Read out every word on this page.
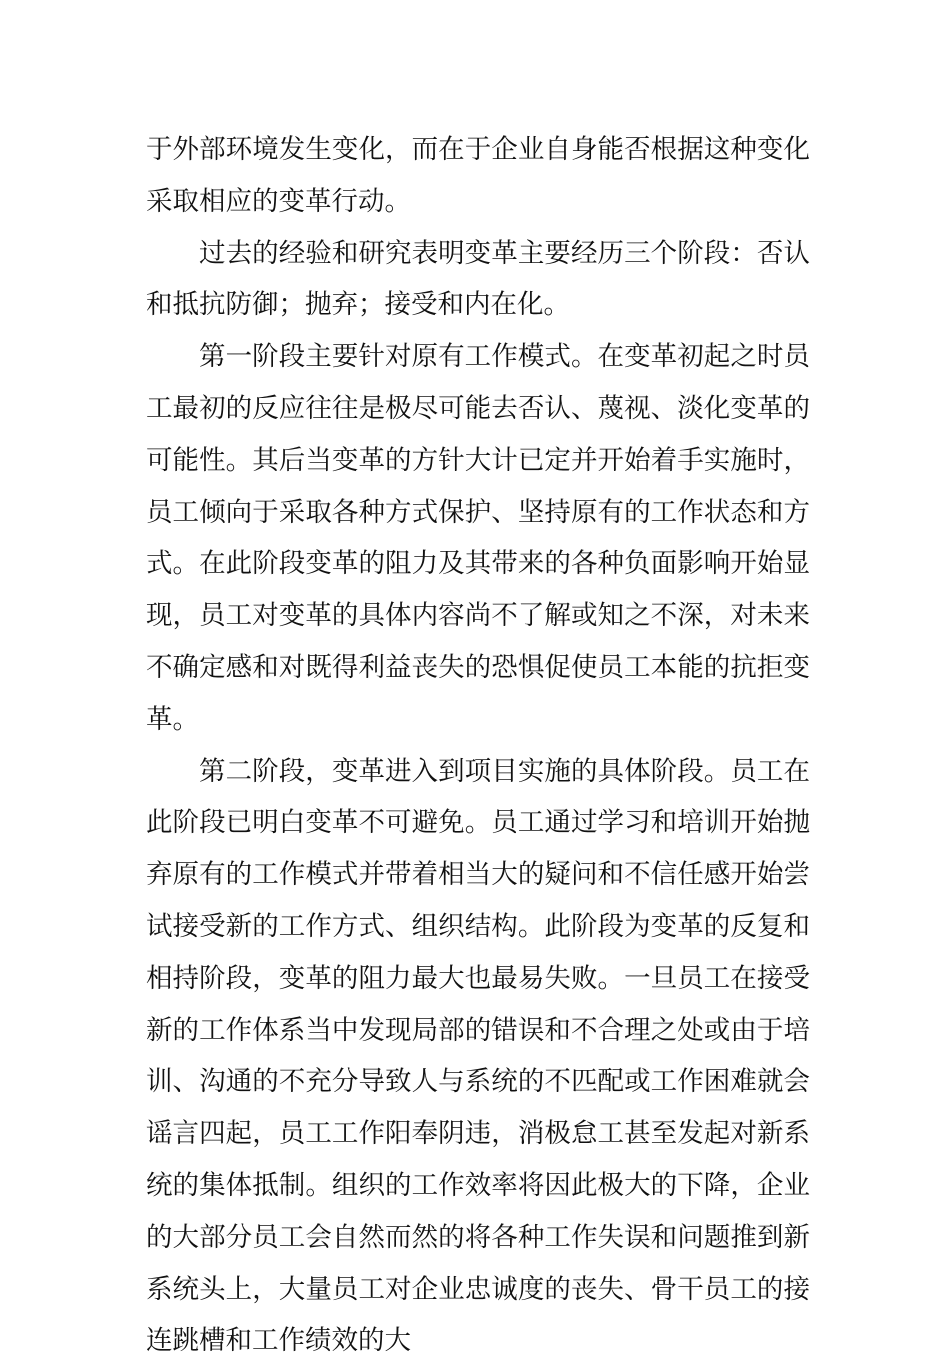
于外部环境发生变化，而在于企业自身能否根据这种变化采取相应的变革行动。

过去的经验和研究表明变革主要经历三个阶段：否认和抵抗防御；抛弃；接受和内在化。

第一阶段主要针对原有工作模式。在变革初起之时员工最初的反应往往是极尽可能去否认、蔑视、淡化变革的可能性。其后当变革的方针大计已定并开始着手实施时，员工倾向于采取各种方式保护、坚持原有的工作状态和方式。在此阶段变革的阻力及其带来的各种负面影响开始显现，员工对变革的具体内容尚不了解或知之不深，对未来不确定感和对既得利益丧失的恐惧促使员工本能的抗拒变革。

第二阶段，变革进入到项目实施的具体阶段。员工在此阶段已明白变革不可避免。员工通过学习和培训开始抛弃原有的工作模式并带着相当大的疑问和不信任感开始尝试接受新的工作方式、组织结构。此阶段为变革的反复和相持阶段，变革的阻力最大也最易失败。一旦员工在接受新的工作体系当中发现局部的错误和不合理之处或由于培训、沟通的不充分导致人与系统的不匹配或工作困难就会谣言四起，员工工作阳奉阴违，消极怠工甚至发起对新系统的集体抵制。组织的工作效率将因此极大的下降，企业的大部分员工会自然而然的将各种工作失误和问题推到新系统头上，大量员工对企业忠诚度的丧失、骨干员工的接连跳槽和工作绩效的大
